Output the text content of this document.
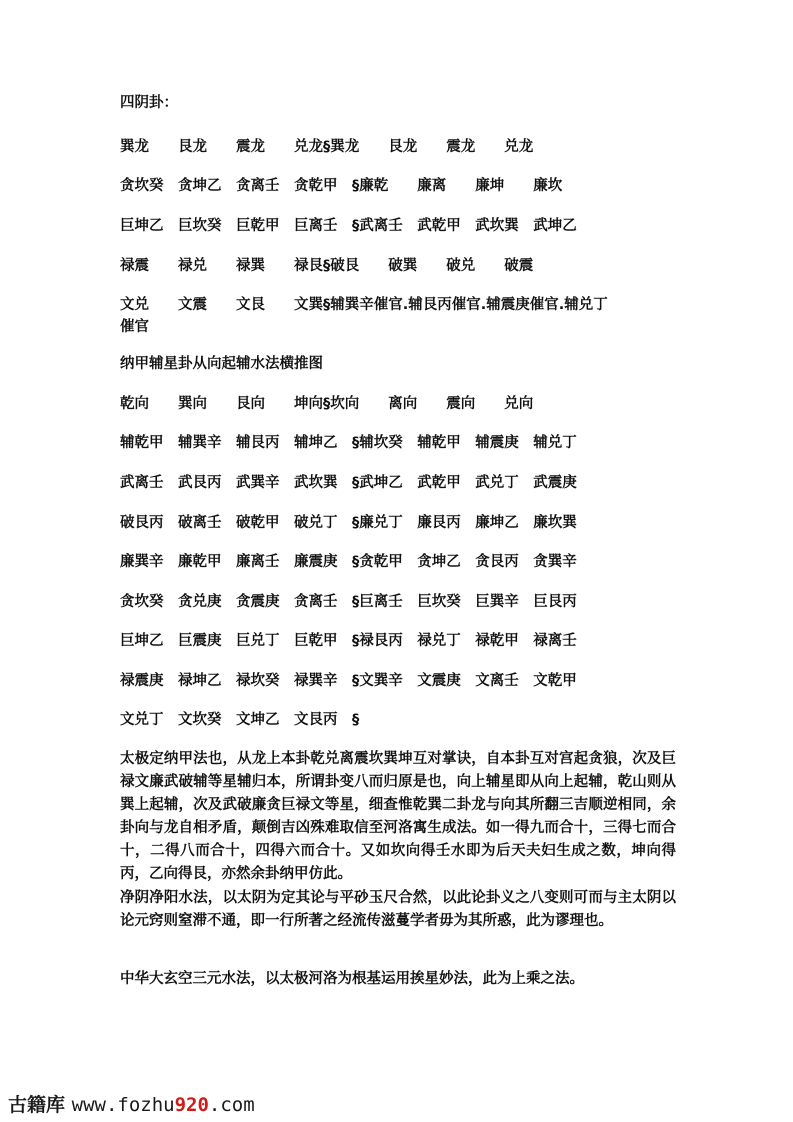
四阴卦：

巽龙　　艮龙　　震龙　　兑龙§巽龙　　艮龙　　震龙　　兑龙

贪坎癸　贪坤乙　贪离壬　贪乾甲　§廉乾　　廉离　　廉坤　　廉坎

巨坤乙　巨坎癸　巨乾甲　巨离壬　§武离壬　武乾甲　武坎巽　武坤乙

禄震　　禄兑　　禄巽　　禄艮§破艮　　破巽　　破兑　　破震

文兑　　文震　　文艮　　文巽§辅巽辛催官.辅艮丙催官.辅震庚催官.辅兑丁
催官

纳甲辅星卦从向起辅水法横推图

乾向　　巽向　　艮向　　坤向§坎向　　离向　　震向　　兑向

辅乾甲　辅巽辛　辅艮丙　辅坤乙　§辅坎癸　辅乾甲　辅震庚　辅兑丁

武离壬　武艮丙　武巽辛　武坎巽　§武坤乙　武乾甲　武兑丁　武震庚

破艮丙　破离壬　破乾甲　破兑丁　§廉兑丁　廉艮丙　廉坤乙　廉坎巽

廉巽辛　廉乾甲　廉离壬　廉震庚　§贪乾甲　贪坤乙　贪艮丙　贪巽辛

贪坎癸　贪兑庚　贪震庚　贪离壬　§巨离壬　巨坎癸　巨巽辛　巨艮丙

巨坤乙　巨震庚　巨兑丁　巨乾甲　§禄艮丙　禄兑丁　禄乾甲　禄离壬

禄震庚　禄坤乙　禄坎癸　禄巽辛　§文巽辛　文震庚　文离壬　文乾甲

文兑丁　文坎癸　文坤乙　文艮丙　§

太极定纳甲法也，从龙上本卦乾兑离震坎巽坤互对掌诀，自本卦互对宫起贪狼，次及巨禄文廉武破辅等星辅归本，所谓卦变八而归原是也，向上辅星即从向上起辅，乾山则从巽上起辅，次及武破廉贪巨禄文等星，细查惟乾巽二卦龙与向其所翻三吉顺逆相同，余卦向与龙自相矛盾，颠倒吉凶殊难取信至河洛寓生成法。如一得九而合十，三得七而合十，二得八而合十，四得六而合十。又如坎向得壬水即为后天夫妇生成之数，坤向得丙，乙向得艮，亦然余卦纳甲仿此。

净阴净阳水法，以太阴为定其论与平砂玉尺合然，以此论卦义之八变则可而与主太阴以论元窍则窒滞不通，即一行所著之经流传滋蔓学者毋为其所惑，此为谬理也。

中华大玄空三元水法，以太极河洛为根基运用挨星妙法，此为上乘之法。

古籍库 www.fozhu920.com
